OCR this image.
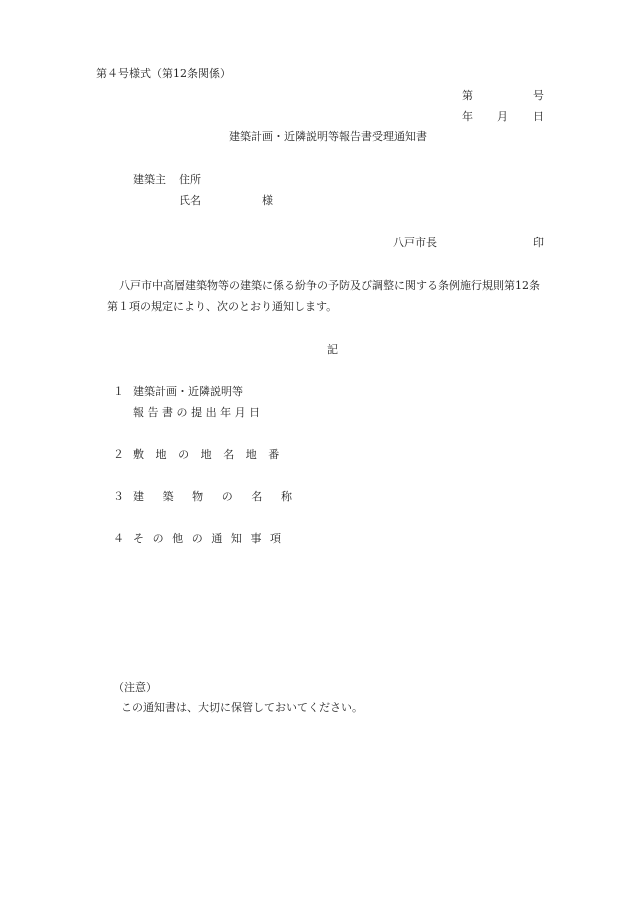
第４号様式（第12条関係）
第	号
年 月 日
建築計画・近隣説明等報告書受理通知書
建築主 住所
氏名	様
八戸市長	印
八戸市中高層建築物等の建築に係る紛争の予防及び調整に関する条例施行規則第12条
第１項の規定により、次のとおり通知します。
記
１ 建築計画・近隣説明等
報告書の提出年月日
２ 敷地の地名地番
３ 建築物の名称
４ その他の通知事項
（注意）
この通知書は、大切に保管しておいてください。
